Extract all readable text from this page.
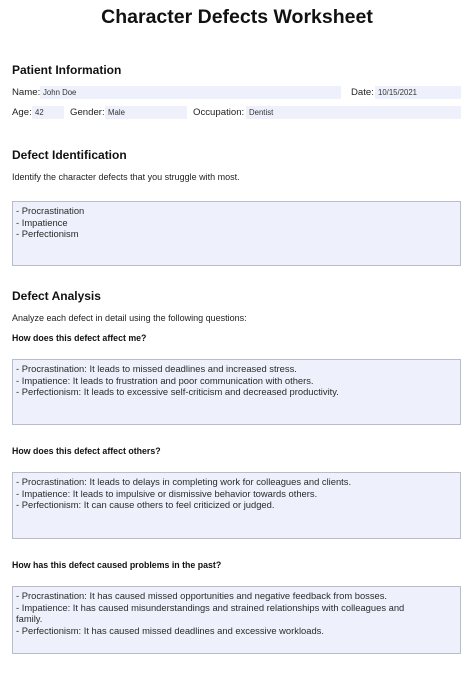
Character Defects Worksheet
Patient Information
Name: John Doe	Date: 10/15/2021
Age: 42	Gender: Male	Occupation: Dentist
Defect Identification
Identify the character defects that you struggle with most.
- Procrastination
- Impatience
- Perfectionism
Defect Analysis
Analyze each defect in detail using the following questions:
How does this defect affect me?
- Procrastination: It leads to missed deadlines and increased stress.
- Impatience: It leads to frustration and poor communication with others.
- Perfectionism: It leads to excessive self-criticism and decreased productivity.
How does this defect affect others?
- Procrastination: It leads to delays in completing work for colleagues and clients.
- Impatience: It leads to impulsive or dismissive behavior towards others.
- Perfectionism: It can cause others to feel criticized or judged.
How has this defect caused problems in the past?
- Procrastination: It has caused missed opportunities and negative feedback from bosses.
- Impatience: It has caused misunderstandings and strained relationships with colleagues and
family.
- Perfectionism: It has caused missed deadlines and excessive workloads.
